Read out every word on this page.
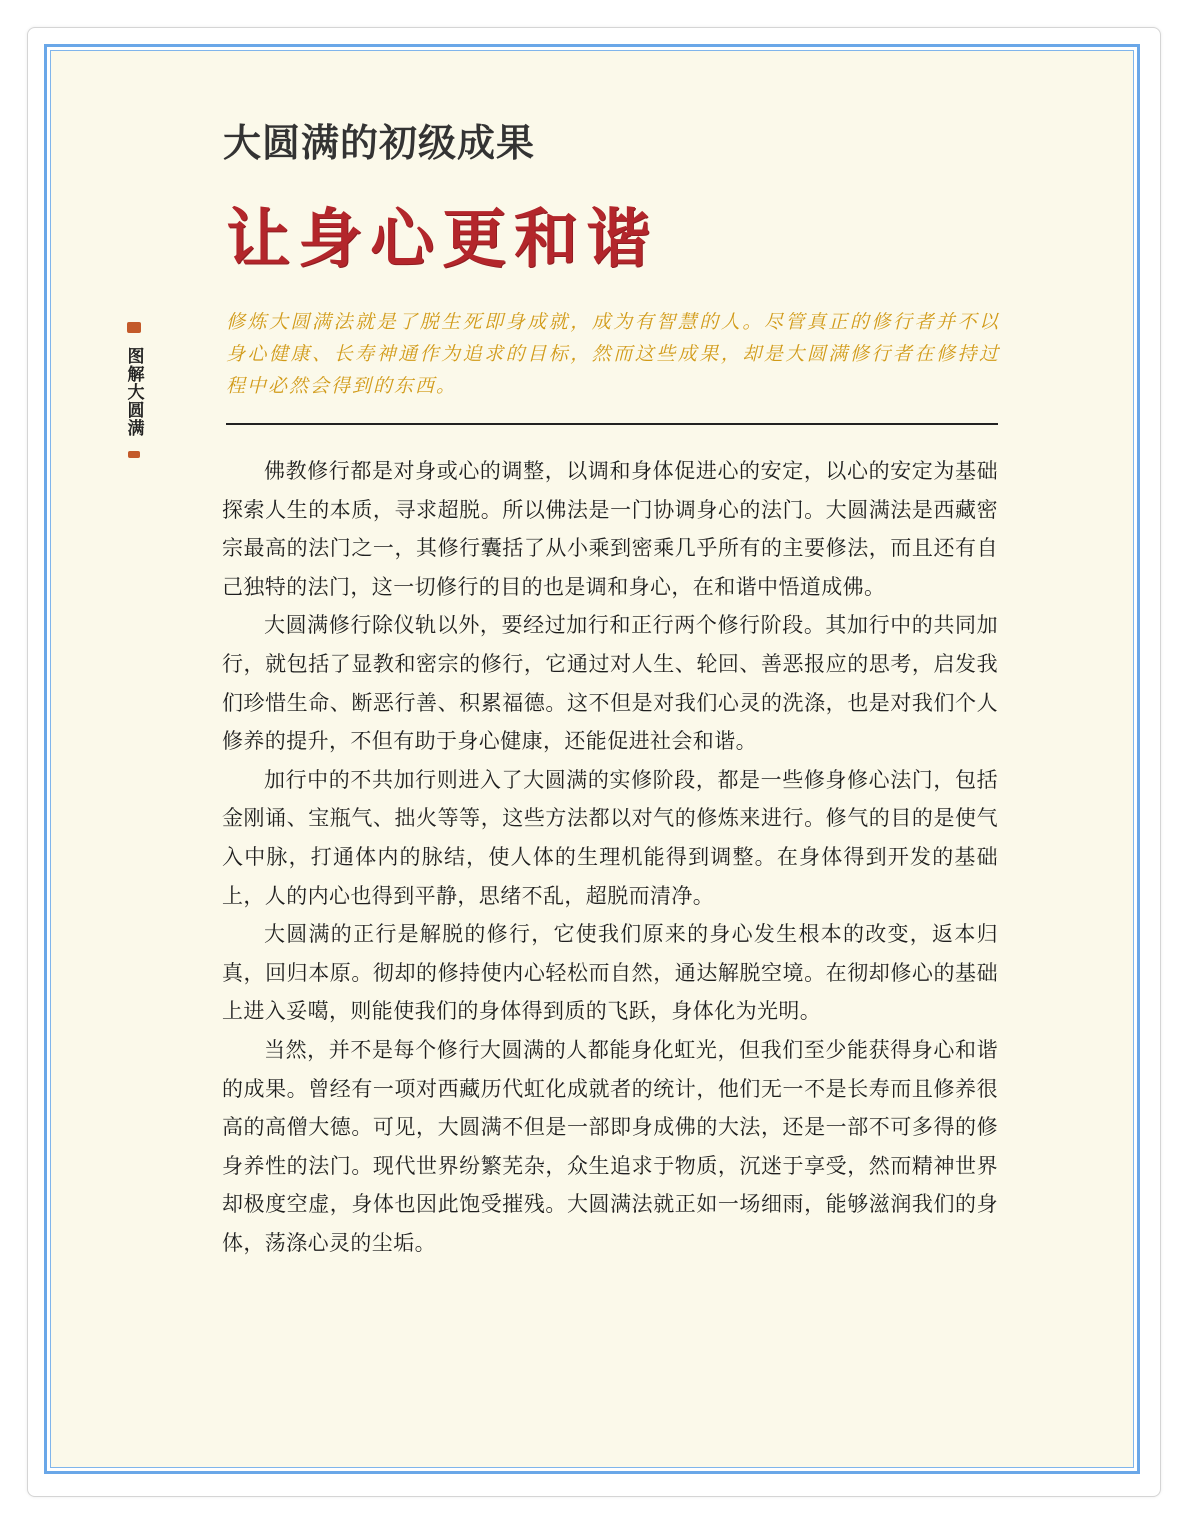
大圆满的初级成果
让身心更和谐
图解大圆满

修炼大圆满法就是了脱生死即身成就，成为有智慧的人。尽管真正的修行者并不以身心健康、长寿神通作为追求的目标，然而这些成果，却是大圆满修行者在修持过程中必然会得到的东西。

佛教修行都是对身或心的调整，以调和身体促进心的安定，以心的安定为基础探索人生的本质，寻求超脱。所以佛法是一门协调身心的法门。大圆满法是西藏密宗最高的法门之一，其修行囊括了从小乘到密乘几乎所有的主要修法，而且还有自己独特的法门，这一切修行的目的也是调和身心，在和谐中悟道成佛。

大圆满修行除仪轨以外，要经过加行和正行两个修行阶段。其加行中的共同加行，就包括了显教和密宗的修行，它通过对人生、轮回、善恶报应的思考，启发我们珍惜生命、断恶行善、积累福德。这不但是对我们心灵的洗涤，也是对我们个人修养的提升，不但有助于身心健康，还能促进社会和谐。

加行中的不共加行则进入了大圆满的实修阶段，都是一些修身修心法门，包括金刚诵、宝瓶气、拙火等等，这些方法都以对气的修炼来进行。修气的目的是使气入中脉，打通体内的脉结，使人体的生理机能得到调整。在身体得到开发的基础上，人的内心也得到平静，思绪不乱，超脱而清净。

大圆满的正行是解脱的修行，它使我们原来的身心发生根本的改变，返本归真，回归本原。彻却的修持使内心轻松而自然，通达解脱空境。在彻却修心的基础上进入妥噶，则能使我们的身体得到质的飞跃，身体化为光明。

当然，并不是每个修行大圆满的人都能身化虹光，但我们至少能获得身心和谐的成果。曾经有一项对西藏历代虹化成就者的统计，他们无一不是长寿而且修养很高的高僧大德。可见，大圆满不但是一部即身成佛的大法，还是一部不可多得的修身养性的法门。现代世界纷繁芜杂，众生追求于物质，沉迷于享受，然而精神世界却极度空虚，身体也因此饱受摧残。大圆满法就正如一场细雨，能够滋润我们的身体，荡涤心灵的尘垢。
